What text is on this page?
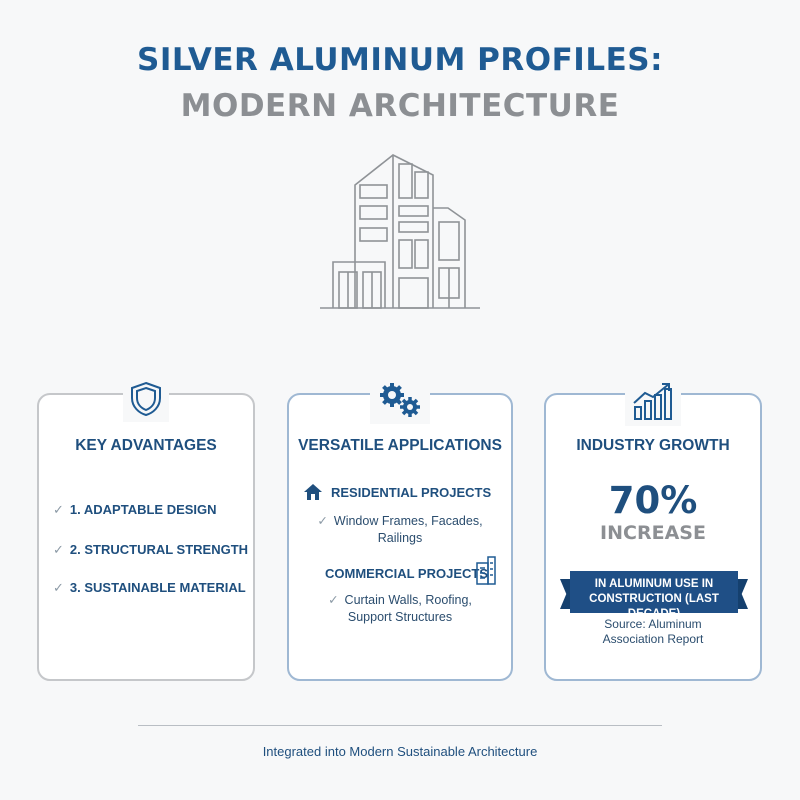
SILVER ALUMINUM PROFILES:
MODERN ARCHITECTURE
KEY ADVANTAGES
✓ 1. ADAPTABLE DESIGN
✓ 2. STRUCTURAL STRENGTH
✓ 3. SUSTAINABLE MATERIAL
VERSATILE APPLICATIONS
RESIDENTIAL PROJECTS
✓ Window Frames, Facades,
Railings
COMMERCIAL PROJECTS
✓ Curtain Walls, Roofing,
Support Structures
INDUSTRY GROWTH
70%
INCREASE
IN ALUMINUM USE IN
CONSTRUCTION (LAST DECADE)
Source: Aluminum
Association Report
Integrated into Modern Sustainable Architecture
